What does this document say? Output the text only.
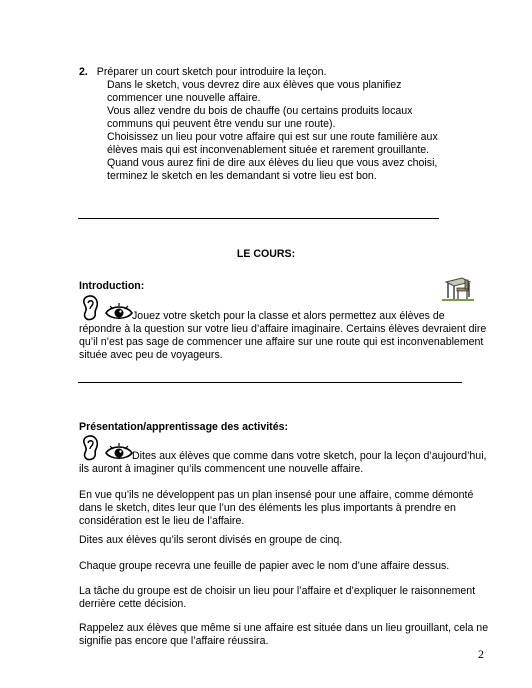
2. Préparer un court sketch pour introduire la leçon.
Dans le sketch, vous devrez dire aux élèves que vous planifiez
commencer une nouvelle affaire.
Vous allez vendre du bois de chauffe (ou certains produits locaux
communs qui peuvent être vendu sur une route).
Choisissez un lieu pour votre affaire qui est sur une route familière aux
élèves mais qui est inconvenablement située et rarement grouillante.
Quand vous aurez fini de dire aux élèves du lieu que vous avez choisi,
terminez le sketch en les demandant si votre lieu est bon.
LE COURS:
Introduction:

Jouez votre sketch pour la classe et alors permettez aux élèves de
répondre à la question sur votre lieu d’affaire imaginaire. Certains élèves devraient dire
qu’il n’est pas sage de commencer une affaire sur une route qui est inconvenablement
située avec peu de voyageurs.
Présentation/apprentissage des activités:

Dites aux élèves que comme dans votre sketch, pour la leçon d’aujourd’hui,
ils auront à imaginer qu’ils commencent une nouvelle affaire.
En vue qu’ils ne développent pas un plan insensé pour une affaire, comme démonté
dans le sketch, dites leur que l’un des éléments les plus importants à prendre en
considération est le lieu de l’affaire.
Dites aux élèves qu’ils seront divisés en groupe de cinq.
Chaque groupe recevra une feuille de papier avec le nom d’une affaire dessus.
La tâche du groupe est de choisir un lieu pour l’affaire et d’expliquer le raisonnement
derrière cette décision.
Rappelez aux élèves que même si une affaire est située dans un lieu grouillant, cela ne
signifie pas encore que l’affaire réussira.
2
